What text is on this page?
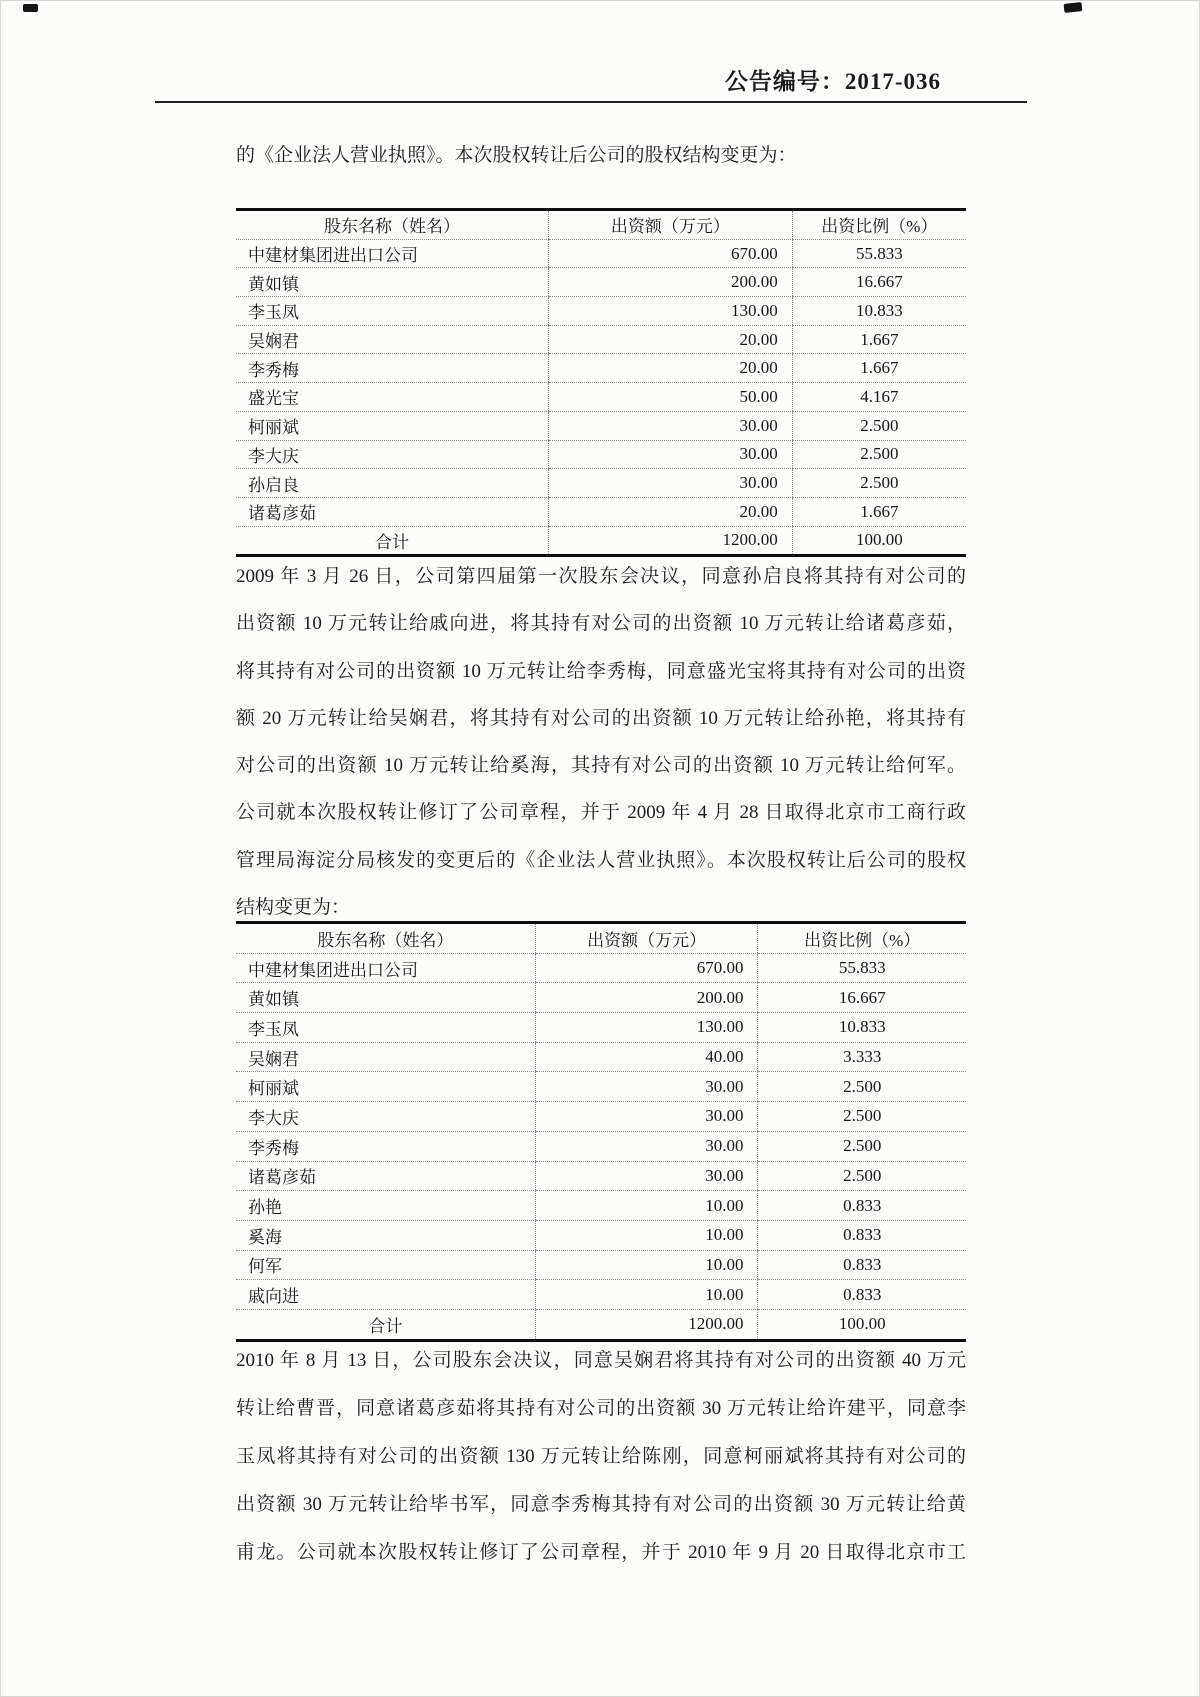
公告编号：2017-036
的《企业法人营业执照》。本次股权转让后公司的股权结构变更为：
股东名称（姓名）	出资额（万元）	出资比例（%）
中建材集团进出口公司	670.00	55.833
黄如镇	200.00	16.667
李玉凤	130.00	10.833
吴娴君	20.00	1.667
李秀梅	20.00	1.667
盛光宝	50.00	4.167
柯丽斌	30.00	2.500
李大庆	30.00	2.500
孙启良	30.00	2.500
诸葛彦茹	20.00	1.667
合计	1200.00	100.00
2009 年 3 月 26 日，公司第四届第一次股东会决议，同意孙启良将其持有对公司的
出资额 10 万元转让给戚向进，将其持有对公司的出资额 10 万元转让给诸葛彦茹，
将其持有对公司的出资额 10 万元转让给李秀梅，同意盛光宝将其持有对公司的出资
额 20 万元转让给吴娴君，将其持有对公司的出资额 10 万元转让给孙艳，将其持有
对公司的出资额 10 万元转让给奚海，其持有对公司的出资额 10 万元转让给何军。
公司就本次股权转让修订了公司章程，并于 2009 年 4 月 28 日取得北京市工商行政
管理局海淀分局核发的变更后的《企业法人营业执照》。本次股权转让后公司的股权
结构变更为：
股东名称（姓名）	出资额（万元）	出资比例（%）
中建材集团进出口公司	670.00	55.833
黄如镇	200.00	16.667
李玉凤	130.00	10.833
吴娴君	40.00	3.333
柯丽斌	30.00	2.500
李大庆	30.00	2.500
李秀梅	30.00	2.500
诸葛彦茹	30.00	2.500
孙艳	10.00	0.833
奚海	10.00	0.833
何军	10.00	0.833
戚向进	10.00	0.833
合计	1200.00	100.00
2010 年 8 月 13 日，公司股东会决议，同意吴娴君将其持有对公司的出资额 40 万元
转让给曹晋，同意诸葛彦茹将其持有对公司的出资额 30 万元转让给许建平，同意李
玉凤将其持有对公司的出资额 130 万元转让给陈刚，同意柯丽斌将其持有对公司的
出资额 30 万元转让给毕书军，同意李秀梅其持有对公司的出资额 30 万元转让给黄
甫龙。公司就本次股权转让修订了公司章程，并于 2010 年 9 月 20 日取得北京市工
